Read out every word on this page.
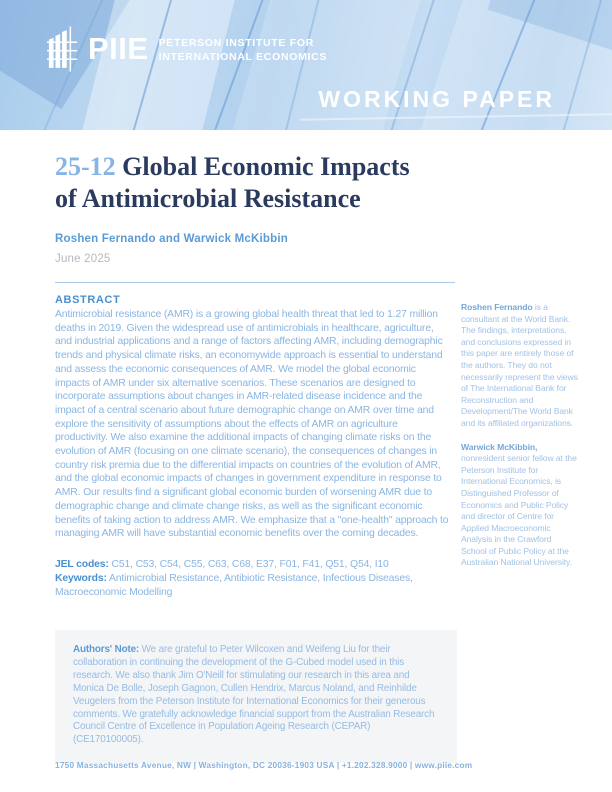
PIIE PETERSON INSTITUTE FOR
INTERNATIONAL ECONOMICS
WORKING PAPER
25-12 Global Economic Impacts
of Antimicrobial Resistance
Roshen Fernando and Warwick McKibbin
June 2025
ABSTRACT

Antimicrobial resistance (AMR) is a growing global health threat that led to 1.27 million deaths in 2019. Given the widespread use of antimicrobials in healthcare, agriculture, and industrial applications and a range of factors affecting AMR, including demographic trends and physical climate risks, an economywide approach is essential to understand and assess the economic consequences of AMR. We model the global economic impacts of AMR under six alternative scenarios. These scenarios are designed to incorporate assumptions about changes in AMR-related disease incidence and the impact of a central scenario about future demographic change on AMR over time and explore the sensitivity of assumptions about the effects of AMR on agriculture productivity. We also examine the additional impacts of changing climate risks on the evolution of AMR (focusing on one climate scenario), the consequences of changes in country risk premia due to the differential impacts on countries of the evolution of AMR, and the global economic impacts of changes in government expenditure in response to AMR. Our results find a significant global economic burden of worsening AMR due to demographic change and climate change risks, as well as the significant economic benefits of taking action to address AMR. We emphasize that a "one-health" approach to managing AMR will have substantial economic benefits over the coming decades.

JEL codes: C51, C53, C54, C55, C63, C68, E37, F01, F41, Q51, Q54, I10
Keywords: Antimicrobial Resistance, Antibiotic Resistance, Infectious Diseases, Macroeconomic Modelling
Roshen Fernando is a consultant at the World Bank. The findings, interpretations, and conclusions expressed in this paper are entirely those of the authors. They do not necessarily represent the views of The International Bank for Reconstruction and Development/The World Bank and its affiliated organizations.
Warwick McKibbin, nonresident senior fellow at the Peterson Institute for International Economics, is Distinguished Professor of Economics and Public Policy and director of Centre for Applied Macroeconomic Analysis in the Crawford School of Public Policy at the Australian National University.

Authors' Note: We are grateful to Peter Wilcoxen and Weifeng Liu for their collaboration in continuing the development of the G-Cubed model used in this research. We also thank Jim O'Neill for stimulating our research in this area and Monica De Bolle, Joseph Gagnon, Cullen Hendrix, Marcus Noland, and Reinhilde Veugelers from the Peterson Institute for International Economics for their generous comments. We gratefully acknowledge financial support from the Australian Research Council Centre of Excellence in Population Ageing Research (CEPAR) (CE170100005).

1750 Massachusetts Avenue, NW | Washington, DC 20036-1903 USA | +1.202.328.9000 | www.piie.com
